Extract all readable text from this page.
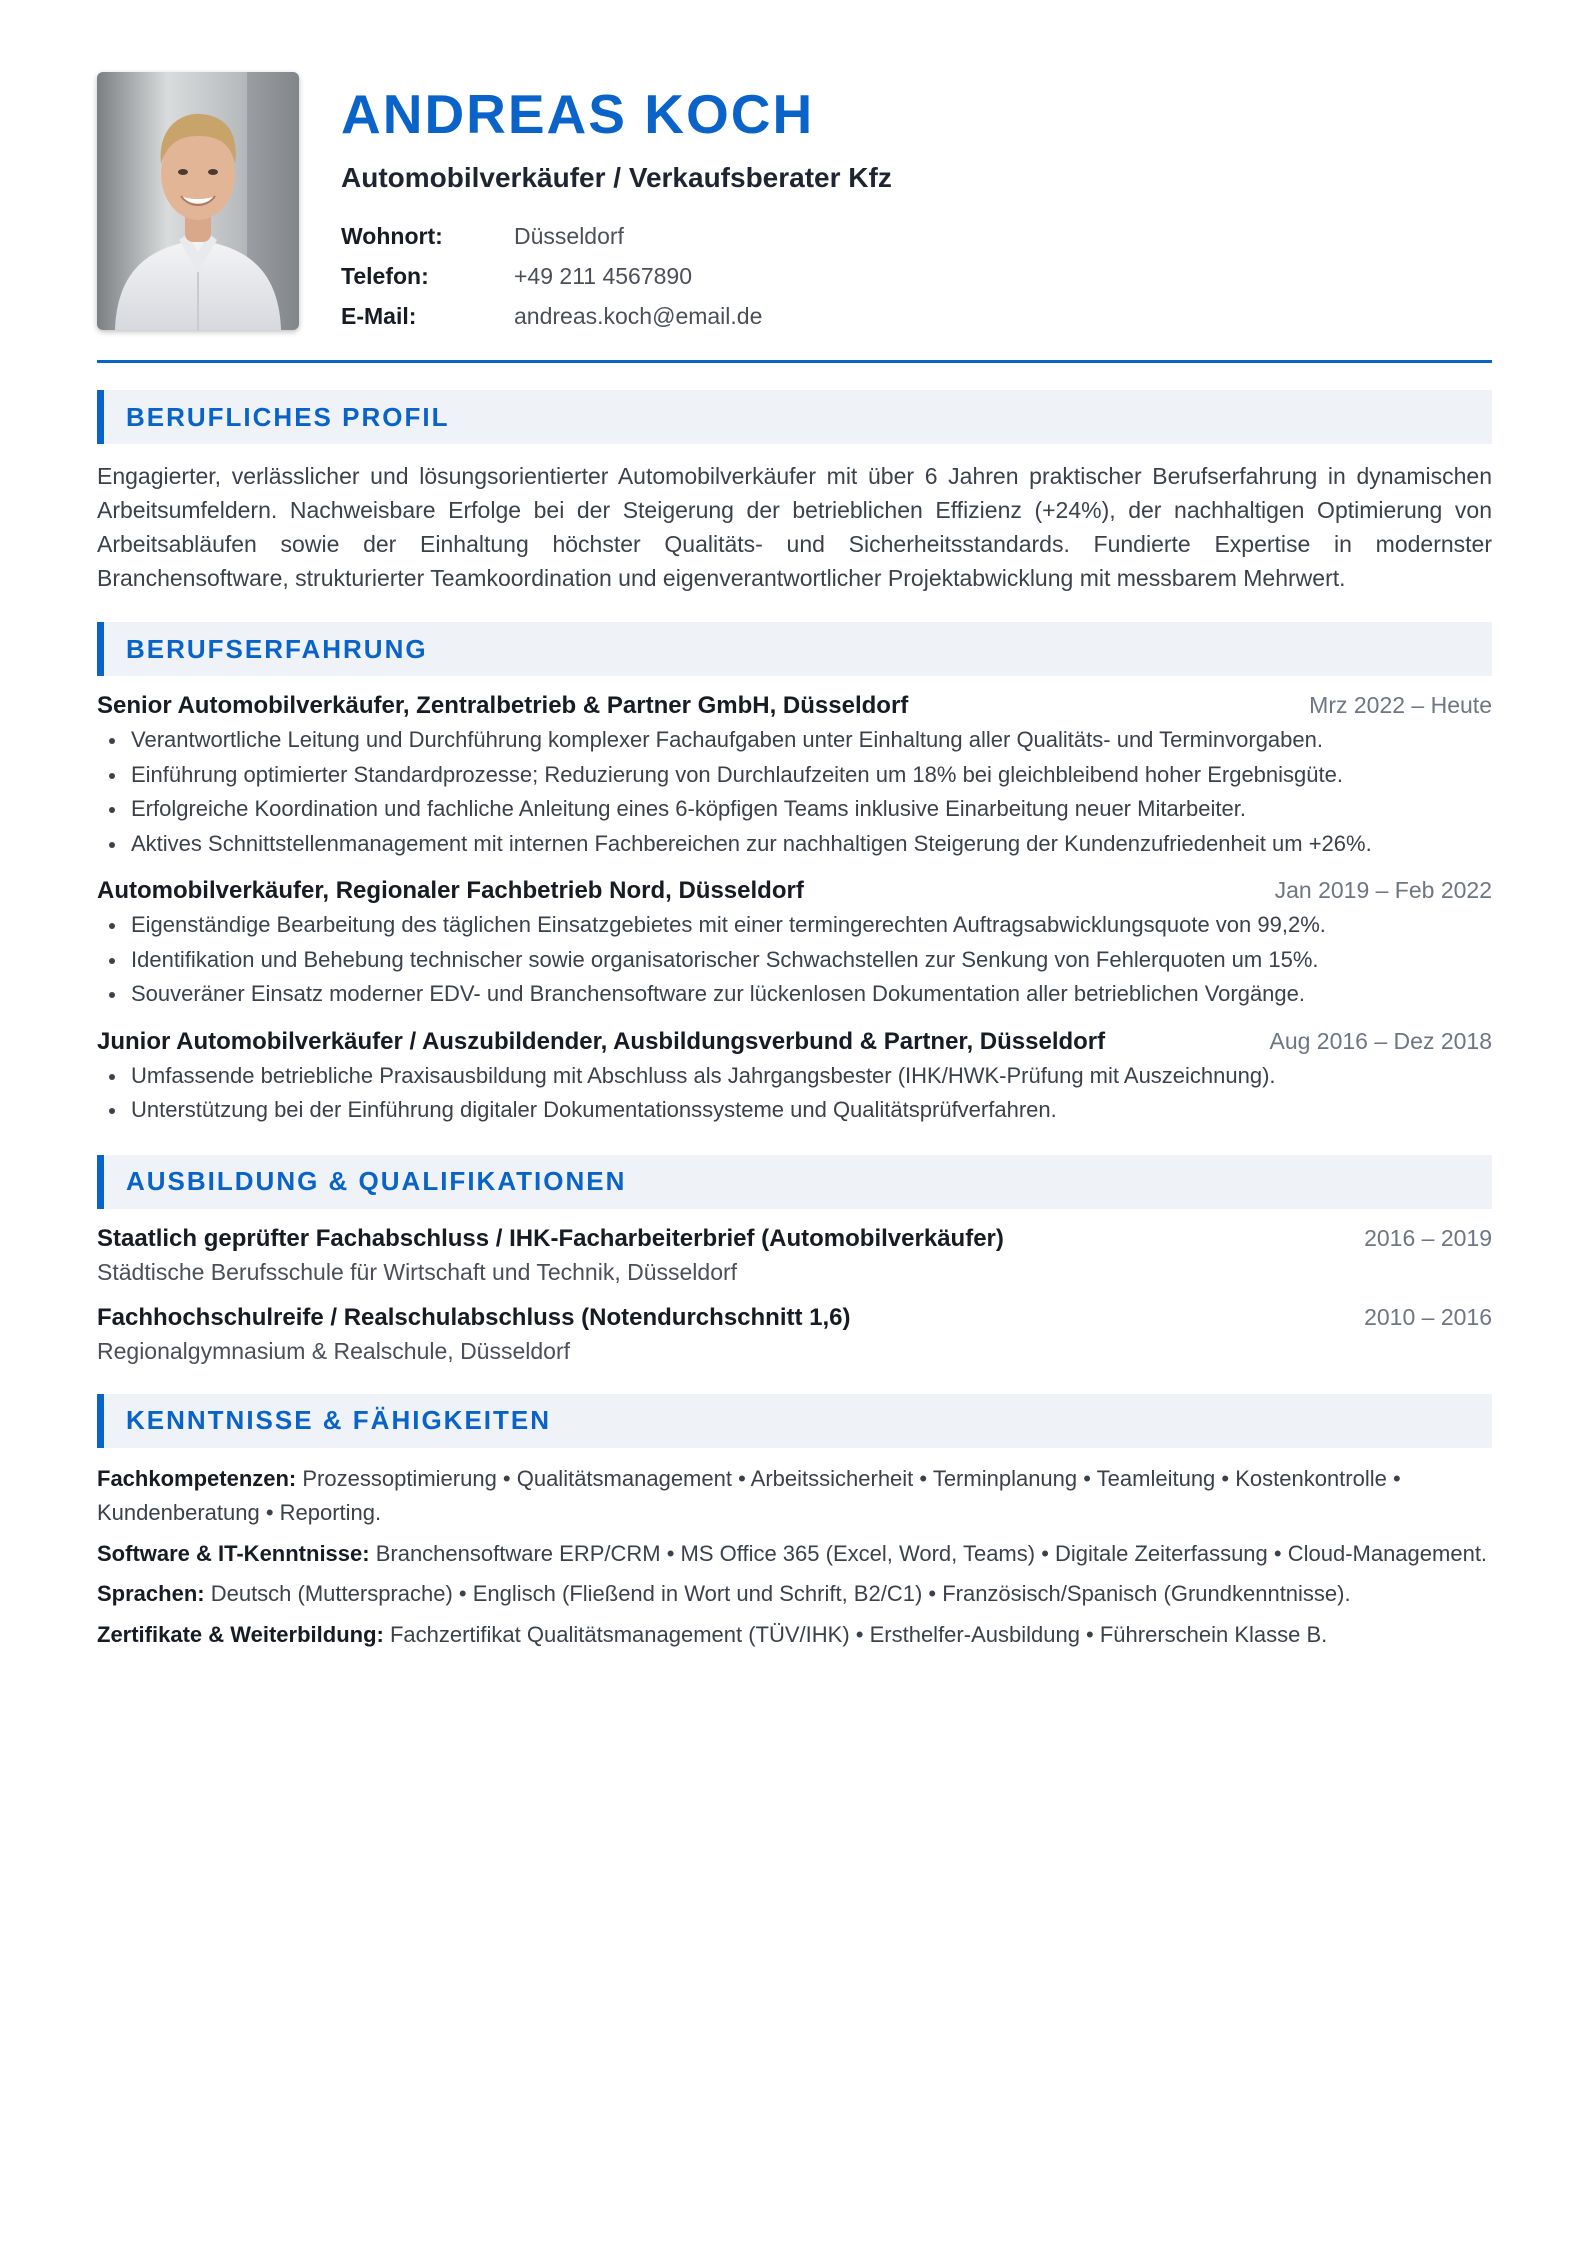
ANDREAS KOCH
Automobilverkäufer / Verkaufsberater Kfz
Wohnort:	Düsseldorf
Telefon:	+49 211 4567890
E-Mail:	andreas.koch@email.de
BERUFLICHES PROFIL
Engagierter, verlässlicher und lösungsorientierter Automobilverkäufer mit über 6 Jahren praktischer Berufserfahrung in dynamischen Arbeitsumfeldern. Nachweisbare Erfolge bei der Steigerung der betrieblichen Effizienz (+24%), der nachhaltigen Optimierung von Arbeitsabläufen sowie der Einhaltung höchster Qualitäts- und Sicherheitsstandards. Fundierte Expertise in modernster Branchensoftware, strukturierter Teamkoordination und eigenverantwortlicher Projektabwicklung mit messbarem Mehrwert.
BERUFSERFAHRUNG
Senior Automobilverkäufer, Zentralbetrieb & Partner GmbH, Düsseldorf	Mrz 2022 – Heute
Verantwortliche Leitung und Durchführung komplexer Fachaufgaben unter Einhaltung aller Qualitäts- und Terminvorgaben.
Einführung optimierter Standardprozesse; Reduzierung von Durchlaufzeiten um 18% bei gleichbleibend hoher Ergebnisgüte.
Erfolgreiche Koordination und fachliche Anleitung eines 6-köpfigen Teams inklusive Einarbeitung neuer Mitarbeiter.
Aktives Schnittstellenmanagement mit internen Fachbereichen zur nachhaltigen Steigerung der Kundenzufriedenheit um +26%.
Automobilverkäufer, Regionaler Fachbetrieb Nord, Düsseldorf	Jan 2019 – Feb 2022
Eigenständige Bearbeitung des täglichen Einsatzgebietes mit einer termingerechten Auftragsabwicklungsquote von 99,2%.
Identifikation und Behebung technischer sowie organisatorischer Schwachstellen zur Senkung von Fehlerquoten um 15%.
Souveräner Einsatz moderner EDV- und Branchensoftware zur lückenlosen Dokumentation aller betrieblichen Vorgänge.
Junior Automobilverkäufer / Auszubildender, Ausbildungsverbund & Partner, Düsseldorf	Aug 2016 – Dez 2018
Umfassende betriebliche Praxisausbildung mit Abschluss als Jahrgangsbester (IHK/HWK-Prüfung mit Auszeichnung).
Unterstützung bei der Einführung digitaler Dokumentationssysteme und Qualitätsprüfverfahren.
AUSBILDUNG & QUALIFIKATIONEN
Staatlich geprüfter Fachabschluss / IHK-Facharbeiterbrief (Automobilverkäufer)	2016 – 2019
Städtische Berufsschule für Wirtschaft und Technik, Düsseldorf
Fachhochschulreife / Realschulabschluss (Notendurchschnitt 1,6)	2010 – 2016
Regionalgymnasium & Realschule, Düsseldorf
KENNTNISSE & FÄHIGKEITEN
Fachkompetenzen: Prozessoptimierung • Qualitätsmanagement • Arbeitssicherheit • Terminplanung • Teamleitung • Kostenkontrolle • Kundenberatung • Reporting.
Software & IT-Kenntnisse: Branchensoftware ERP/CRM • MS Office 365 (Excel, Word, Teams) • Digitale Zeiterfassung • Cloud-Management.
Sprachen: Deutsch (Muttersprache) • Englisch (Fließend in Wort und Schrift, B2/C1) • Französisch/Spanisch (Grundkenntnisse).
Zertifikate & Weiterbildung: Fachzertifikat Qualitätsmanagement (TÜV/IHK) • Ersthelfer-Ausbildung • Führerschein Klasse B.
